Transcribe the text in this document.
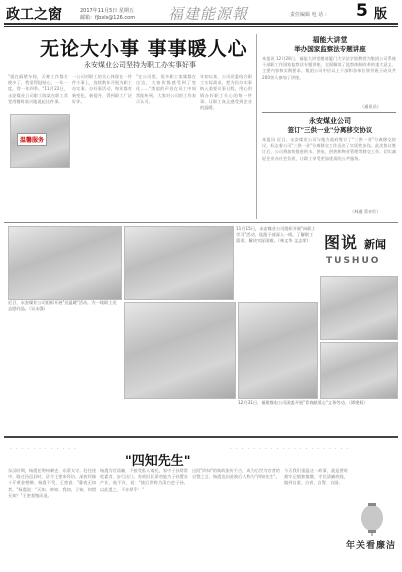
政工之窗	2017年11月5日 星期五
邮箱：fjbxls@126.com 福建能源報	责任编辑 电 话 ： 5 版
无论大小事 事事暖人心
永安煤业公司坚持为职工办实事好事
"就在隔壁车间，天寒工作都方便多了，我觉得挺贴心，一年一度，得一年四季。"11月22日，永安煤业公司职工陈某在职工食堂用餐时高兴地说起这件事。
一公司对职工的关心体现在一件件小事上，连续数年开展为职工办实事、办好事活动，每年都有新变化、新提升，得到职工广泛好评。
"在公司里，很多职工家属都在这边，大家伙都感受到了变化……"类似的声音在员工中间常能听到，大家对公司的工作表示认可。
年初以来，公司党委结合职工实际需求，把为民办实事纳入重要议事日程，用心用情办好职工关心的每一件事，让职工真正感受到企业的温暖。
温馨服务
福能大讲堂
举办国家监察法专题讲座
本报讯 12月28日，福能大讲堂邀请厦门大学法学院教授为集团公司系统干部职工作国家监察法专题讲座，全面解读了监察体制改革的重大意义、主要内容和实践要求。集团公司中层以上干部和各单位领导班子成员共200余人参加了讲座。
（通讯员）
永安煤业公司
签订"三供一业"分离移交协议
本报讯 近日，永安煤业公司与地方政府签订了"三供一业"分离移交协议，标志着公司"三供一业"分离移交工作迈出了实质性步伐。此次协议签订后，公司将加快推进供水、供电、供热和物业管理等移交工作，切实减轻企业办社会负担，让职工享受更加优质的公共服务。
（林通 蔡亦红）
11月15日，永安煤业公司组织开展"向职工学习"活动，选派干部深入一线，了解职工需求，解决实际困难。（林文华 文志荣） 图说 新闻
TUSHUO
近日，永安煤业公司组织开展"送温暖"活动，为一线职工送去慰问品。（吴永强）
12月31日，福建煤电公司团委开展"青春献爱心"义务劳动。（谭建权）
· · · · · · · · · · · ·
"四知先生"
· · · · · · · · · · · · · · · · · · · · ·
东汉时期，杨震任荆州刺史、东莱太守。赴任途中，路过昌邑县时，县令王密来拜访，深夜怀揣十斤黄金相赠。杨震不受，王密说："暮夜无知者。"杨震说："天知、神知、我知、子知，何谓无知？"王密羞愧而退。
杨震为官清廉，不接受私人请托，家中子孙常常吃素食、步行出门。有故旧长辈劝他为子孙置办产业，他不肯，说："使后世称为清白吏子孙，以此遗之，不亦厚乎！"
这段"四知"的典故流传千古，成为后世为官者的自警之言。杨震也因此被后人称为"四知先生"。
今天我们重温这一故事，就是要时刻牢记慎独慎微，守住清廉底线，做到自重、自省、自警、自励。
年关看廉洁
